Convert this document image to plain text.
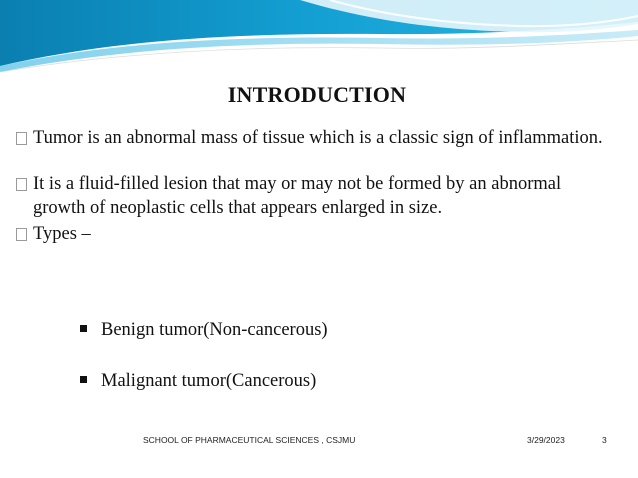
INTRODUCTION
Tumor is an abnormal mass of tissue which is a classic sign of inflammation.
It is a fluid-filled lesion that may or may not be formed by an abnormal growth of neoplastic cells that appears enlarged in size.
Types –
Benign tumor(Non-cancerous)
Malignant tumor(Cancerous)
SCHOOL OF PHARMACEUTICAL SCIENCES , CSJMU	3/29/2023	3
